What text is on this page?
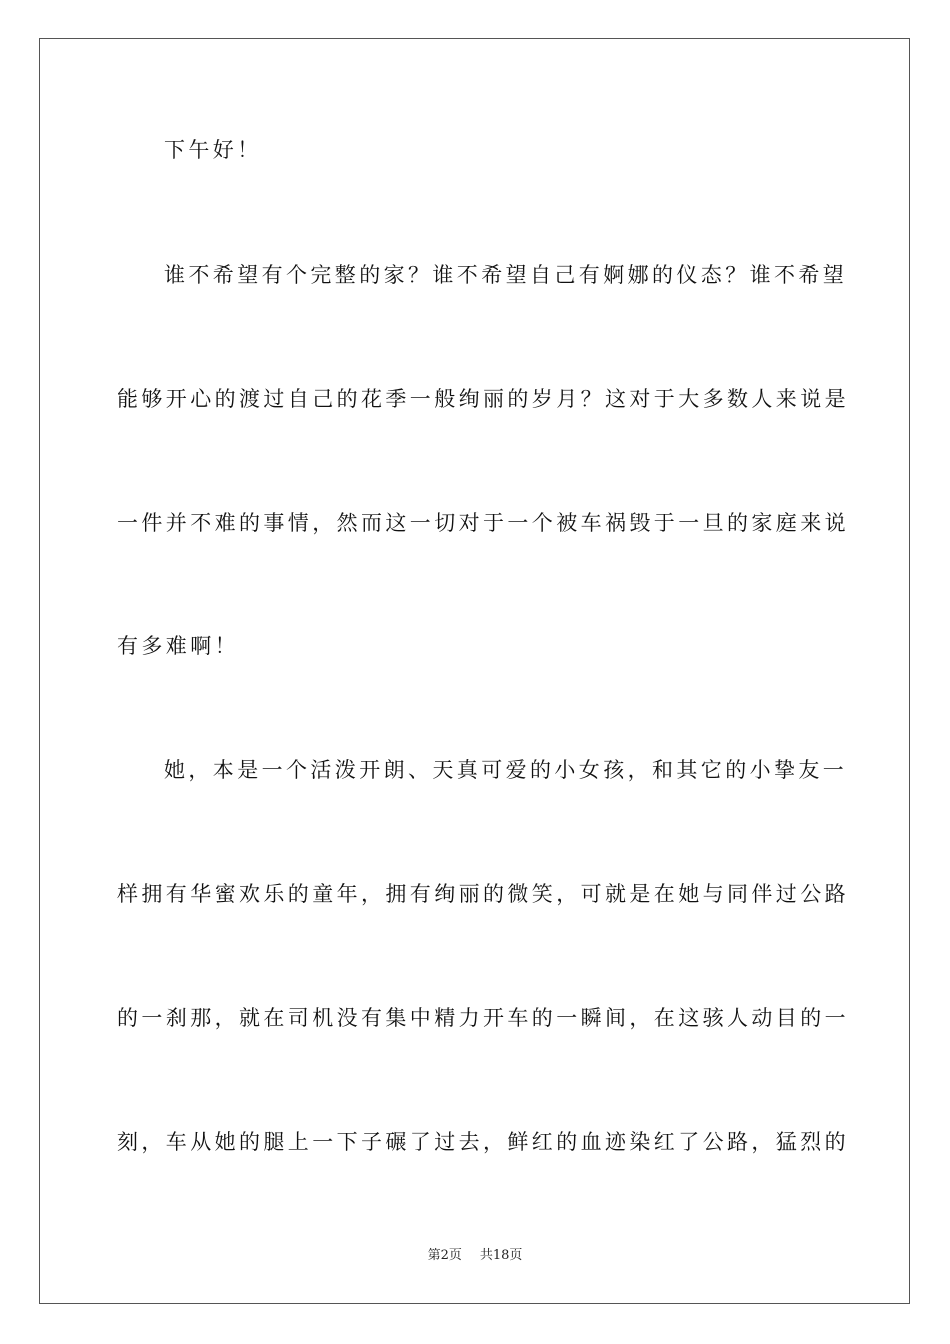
下午好！
谁不希望有个完整的家？谁不希望自己有婀娜的仪态？谁不希望
能够开心的渡过自己的花季一般绚丽的岁月？这对于大多数人来说是
一件并不难的事情，然而这一切对于一个被车祸毁于一旦的家庭来说
有多难啊！
她，本是一个活泼开朗、天真可爱的小女孩，和其它的小挚友一
样拥有华蜜欢乐的童年，拥有绚丽的微笑，可就是在她与同伴过公路
的一刹那，就在司机没有集中精力开车的一瞬间，在这骇人动目的一
刻，车从她的腿上一下子碾了过去，鲜红的血迹染红了公路，猛烈的
第2页 共18页
